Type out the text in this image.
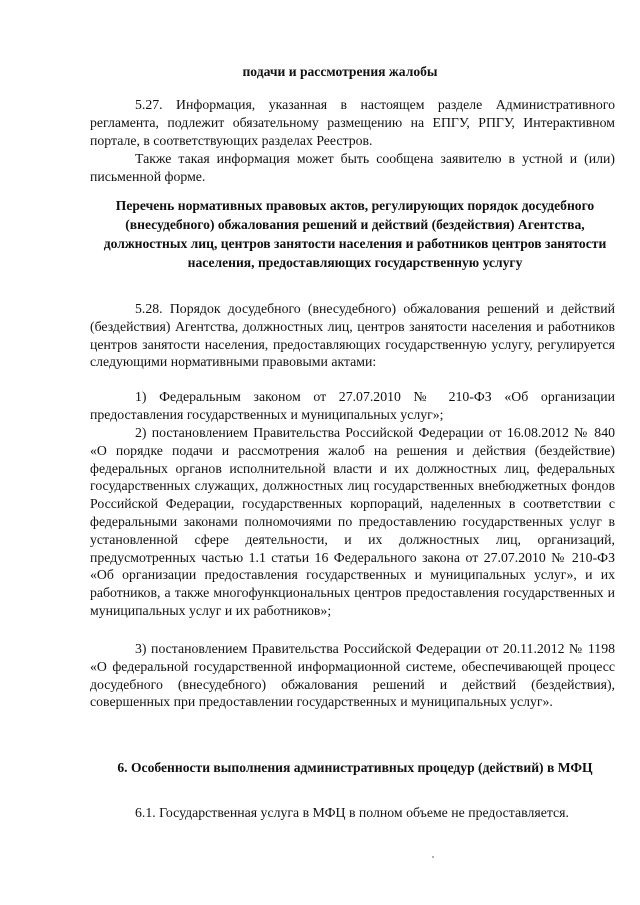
подачи и рассмотрения жалобы
5.27. Информация, указанная в настоящем разделе Административного регламента, подлежит обязательному размещению на ЕПГУ, РПГУ, Интерактивном портале, в соответствующих разделах Реестров.
Также такая информация может быть сообщена заявителю в устной и (или) письменной форме.
Перечень нормативных правовых актов, регулирующих порядок досудебного (внесудебного) обжалования решений и действий (бездействия) Агентства, должностных лиц, центров занятости населения и работников центров занятости населения, предоставляющих государственную услугу
5.28. Порядок досудебного (внесудебного) обжалования решений и действий (бездействия) Агентства, должностных лиц, центров занятости населения и работников центров занятости населения, предоставляющих государственную услугу, регулируется следующими нормативными правовыми актами:
1) Федеральным законом от 27.07.2010 № 210-ФЗ «Об организации предоставления государственных и муниципальных услуг»;
2) постановлением Правительства Российской Федерации от 16.08.2012 № 840 «О порядке подачи и рассмотрения жалоб на решения и действия (бездействие) федеральных органов исполнительной власти и их должностных лиц, федеральных государственных служащих, должностных лиц государственных внебюджетных фондов Российской Федерации, государственных корпораций, наделенных в соответствии с федеральными законами полномочиями по предоставлению государственных услуг в установленной сфере деятельности, и их должностных лиц, организаций, предусмотренных частью 1.1 статьи 16 Федерального закона от 27.07.2010 № 210-ФЗ «Об организации предоставления государственных и муниципальных услуг», и их работников, а также многофункциональных центров предоставления государственных и муниципальных услуг и их работников»;
3) постановлением Правительства Российской Федерации от 20.11.2012 № 1198 «О федеральной государственной информационной системе, обеспечивающей процесс досудебного (внесудебного) обжалования решений и действий (бездействия), совершенных при предоставлении государственных и муниципальных услуг».
6. Особенности выполнения административных процедур (действий) в МФЦ
6.1. Государственная услуга в МФЦ в полном объеме не предоставляется.
